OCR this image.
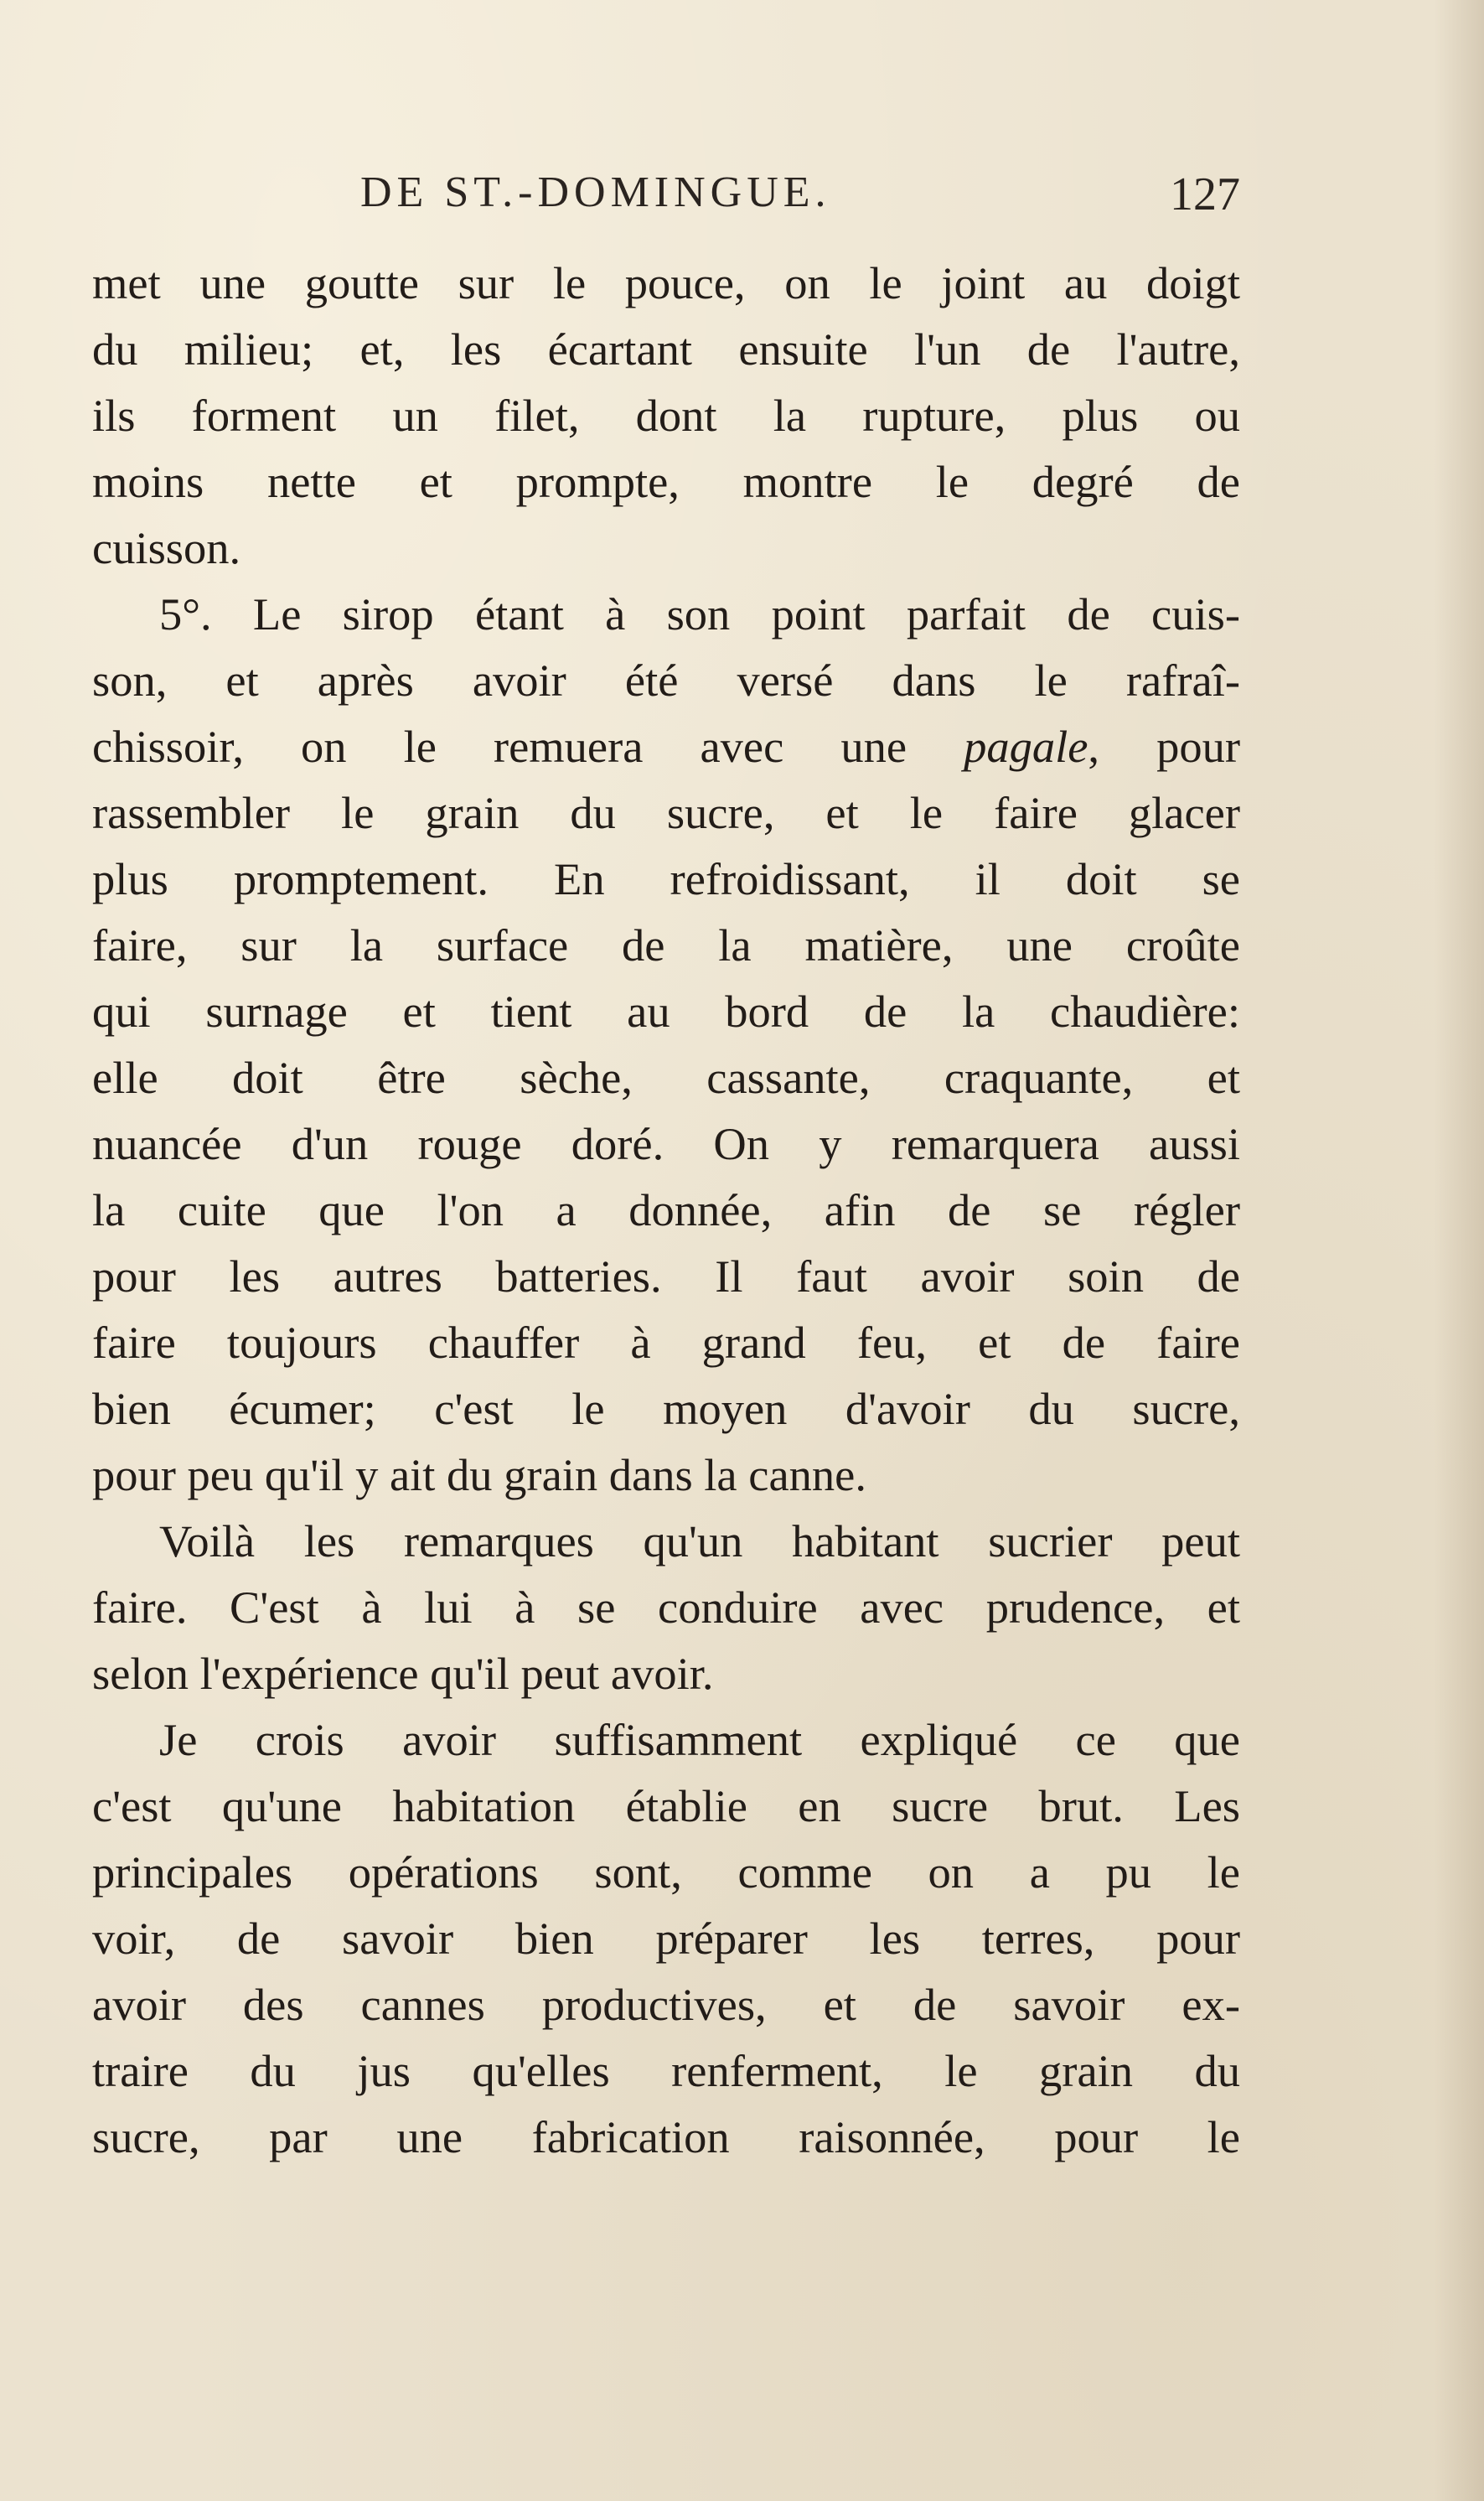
DE ST.-DOMINGUE.	127
met une goutte sur le pouce, on le joint au doigt
du milieu; et, les écartant ensuite l'un de l'autre,
ils forment un filet, dont la rupture, plus ou
moins nette et prompte, montre le degré de
cuisson.
5°. Le sirop étant à son point parfait de cuis-
son, et après avoir été versé dans le rafraî-
chissoir, on le remuera avec une pagale, pour
rassembler le grain du sucre, et le faire glacer
plus promptement. En refroidissant, il doit se
faire, sur la surface de la matière, une croûte
qui surnage et tient au bord de la chaudière:
elle doit être sèche, cassante, craquante, et
nuancée d'un rouge doré. On y remarquera aussi
la cuite que l'on a donnée, afin de se régler
pour les autres batteries. Il faut avoir soin de
faire toujours chauffer à grand feu, et de faire
bien écumer; c'est le moyen d'avoir du sucre,
pour peu qu'il y ait du grain dans la canne.
Voilà les remarques qu'un habitant sucrier peut
faire. C'est à lui à se conduire avec prudence, et
selon l'expérience qu'il peut avoir.
Je crois avoir suffisamment expliqué ce que
c'est qu'une habitation établie en sucre brut. Les
principales opérations sont, comme on a pu le
voir, de savoir bien préparer les terres, pour
avoir des cannes productives, et de savoir ex-
traire du jus qu'elles renferment, le grain du
sucre, par une fabrication raisonnée, pour le
